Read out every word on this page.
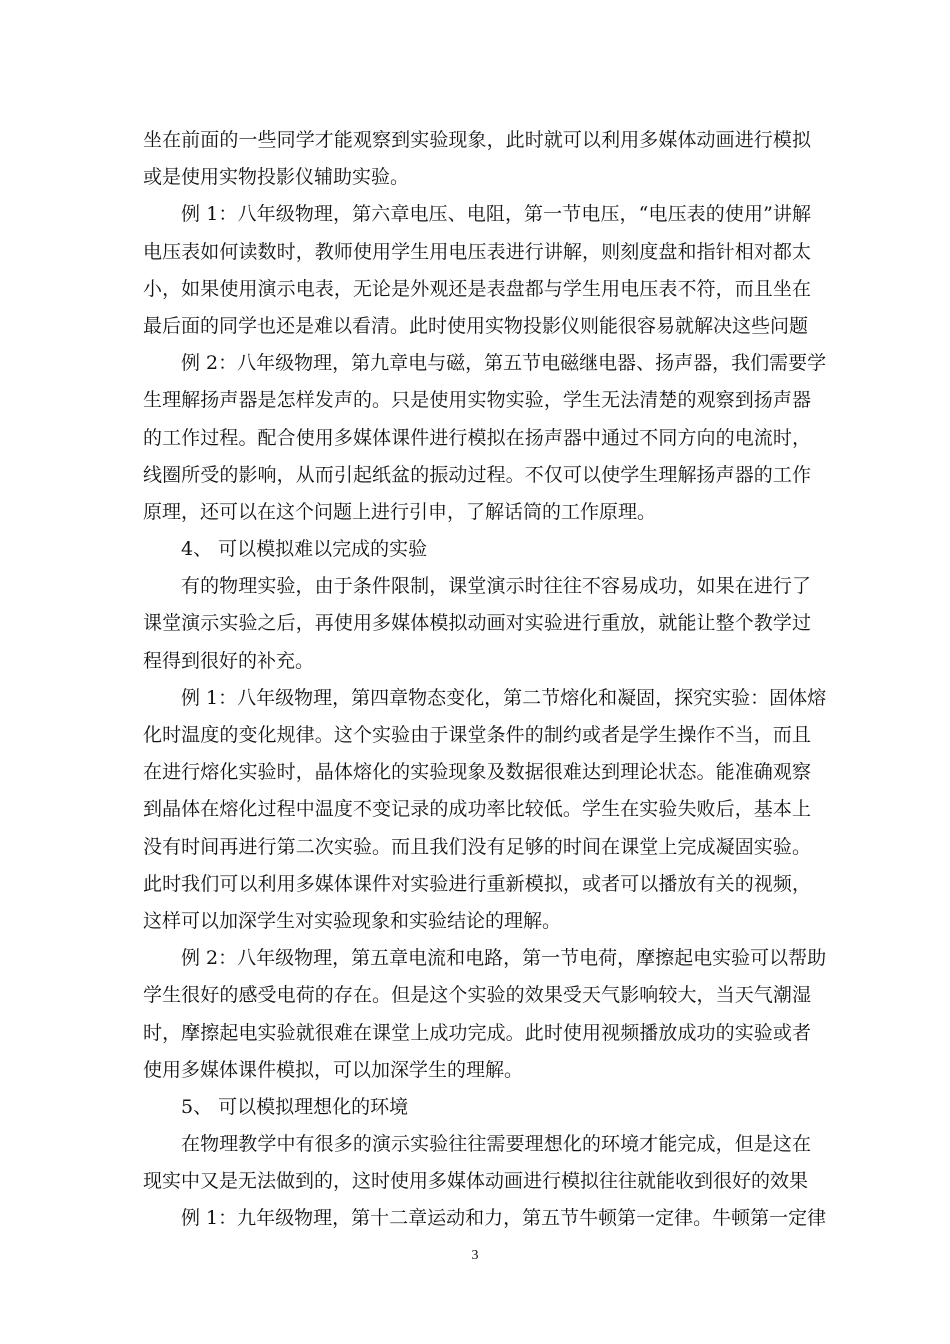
坐在前面的一些同学才能观察到实验现象，此时就可以利用多媒体动画进行模拟
或是使用实物投影仪辅助实验。
例 1：八年级物理，第六章电压、电阻，第一节电压，“电压表的使用”讲解
电压表如何读数时，教师使用学生用电压表进行讲解，则刻度盘和指针相对都太
小，如果使用演示电表，无论是外观还是表盘都与学生用电压表不符，而且坐在
最后面的同学也还是难以看清。此时使用实物投影仪则能很容易就解决这些问题
例 2：八年级物理，第九章电与磁，第五节电磁继电器、扬声器，我们需要学
生理解扬声器是怎样发声的。只是使用实物实验，学生无法清楚的观察到扬声器
的工作过程。配合使用多媒体课件进行模拟在扬声器中通过不同方向的电流时，
线圈所受的影响，从而引起纸盆的振动过程。不仅可以使学生理解扬声器的工作
原理，还可以在这个问题上进行引申，了解话筒的工作原理。
4、 可以模拟难以完成的实验
有的物理实验，由于条件限制，课堂演示时往往不容易成功，如果在进行了
课堂演示实验之后，再使用多媒体模拟动画对实验进行重放，就能让整个教学过
程得到很好的补充。
例 1：八年级物理，第四章物态变化，第二节熔化和凝固，探究实验：固体熔
化时温度的变化规律。这个实验由于课堂条件的制约或者是学生操作不当，而且
在进行熔化实验时，晶体熔化的实验现象及数据很难达到理论状态。能准确观察
到晶体在熔化过程中温度不变记录的成功率比较低。学生在实验失败后，基本上
没有时间再进行第二次实验。而且我们没有足够的时间在课堂上完成凝固实验。
此时我们可以利用多媒体课件对实验进行重新模拟，或者可以播放有关的视频，
这样可以加深学生对实验现象和实验结论的理解。
例 2：八年级物理，第五章电流和电路，第一节电荷，摩擦起电实验可以帮助
学生很好的感受电荷的存在。但是这个实验的效果受天气影响较大，当天气潮湿
时，摩擦起电实验就很难在课堂上成功完成。此时使用视频播放成功的实验或者
使用多媒体课件模拟，可以加深学生的理解。
5、 可以模拟理想化的环境
在物理教学中有很多的演示实验往往需要理想化的环境才能完成，但是这在
现实中又是无法做到的，这时使用多媒体动画进行模拟往往就能收到很好的效果
例 1：九年级物理，第十二章运动和力，第五节牛顿第一定律。牛顿第一定律
3
